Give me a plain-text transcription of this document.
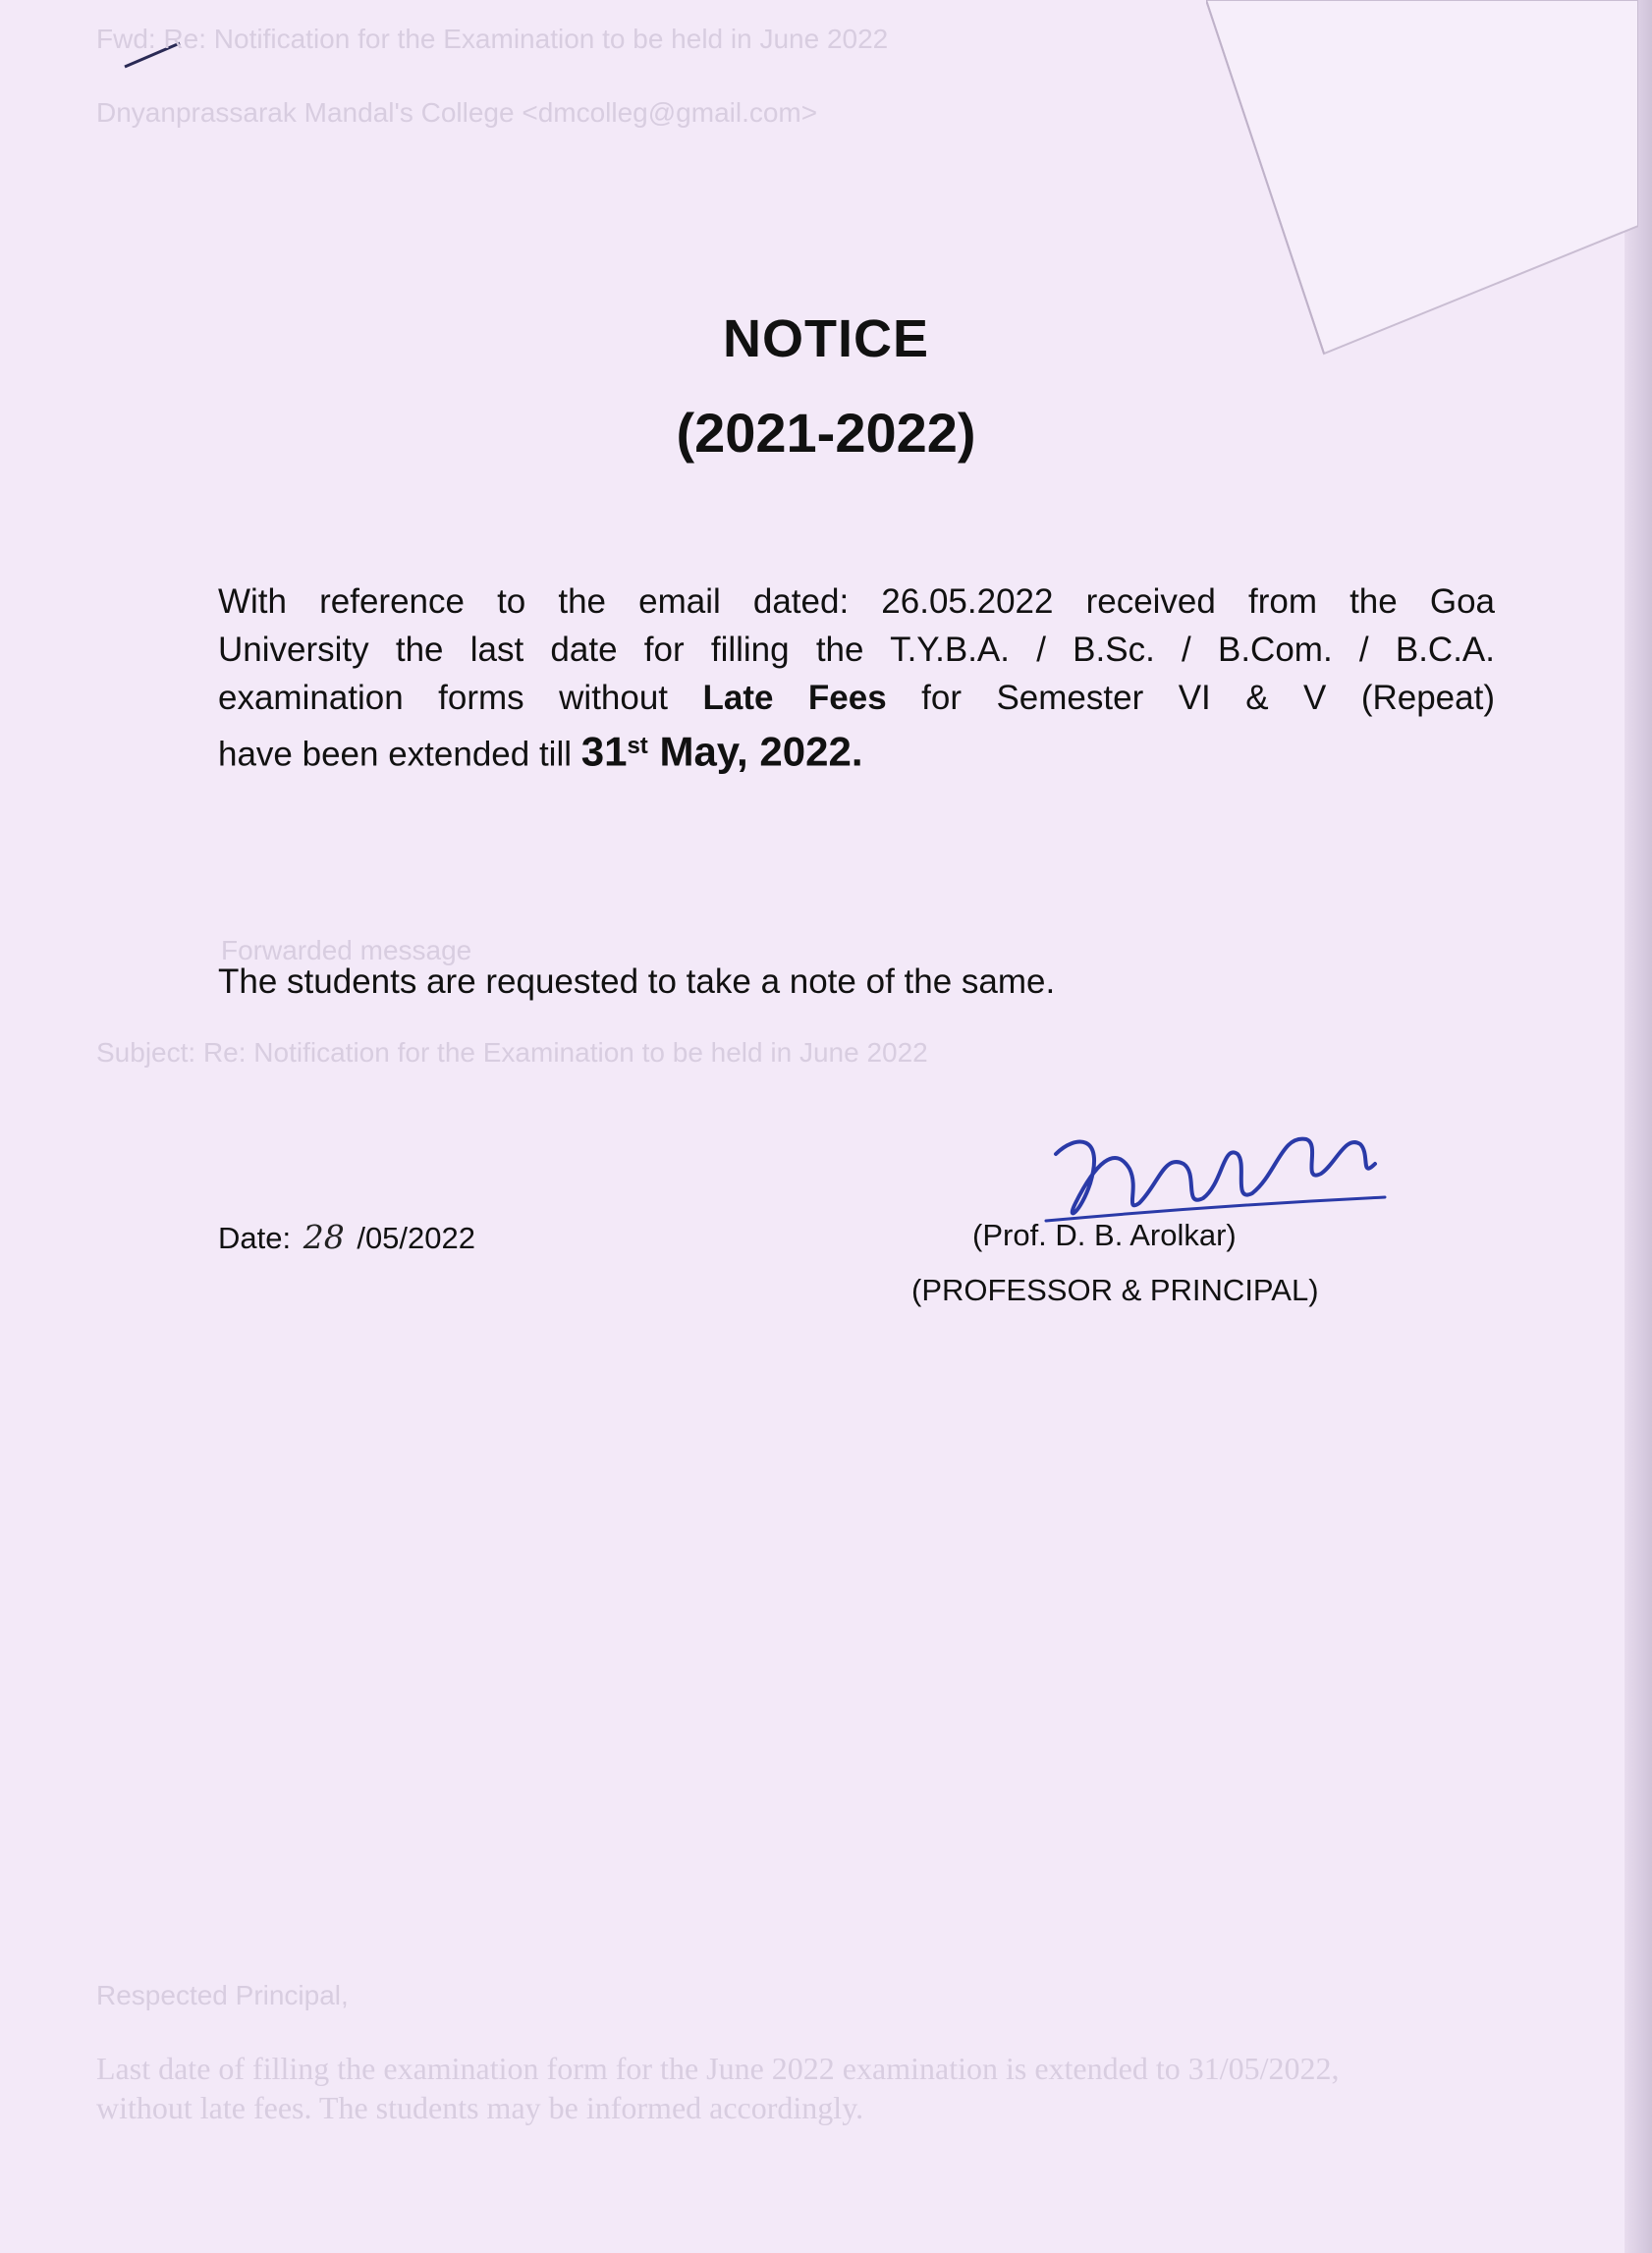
Fwd: Re: Notification for the Examination to be held in June 2022
Dnyanprassarak Mandal's College <dmcolleg@gmail.com>
Forwarded message
Subject: Re: Notification for the Examination to be held in June 2022
Respected Principal,
Last date of filling the examination form for the June 2022 examination is extended to 31/05/2022,
without late fees. The students may be informed accordingly.
NOTICE
(2021-2022)

With reference to the email dated: 26.05.2022 received from the Goa
University the last date for filling the T.Y.B.A. / B.Sc. / B.Com. / B.C.A.
examination forms without Late Fees for Semester VI & V (Repeat)
have been extended till 31st May, 2022.

The students are requested to take a note of the same.

Date: 28 /05/2022	(Prof. D. B. Arolkar)
(PROFESSOR & PRINCIPAL)
